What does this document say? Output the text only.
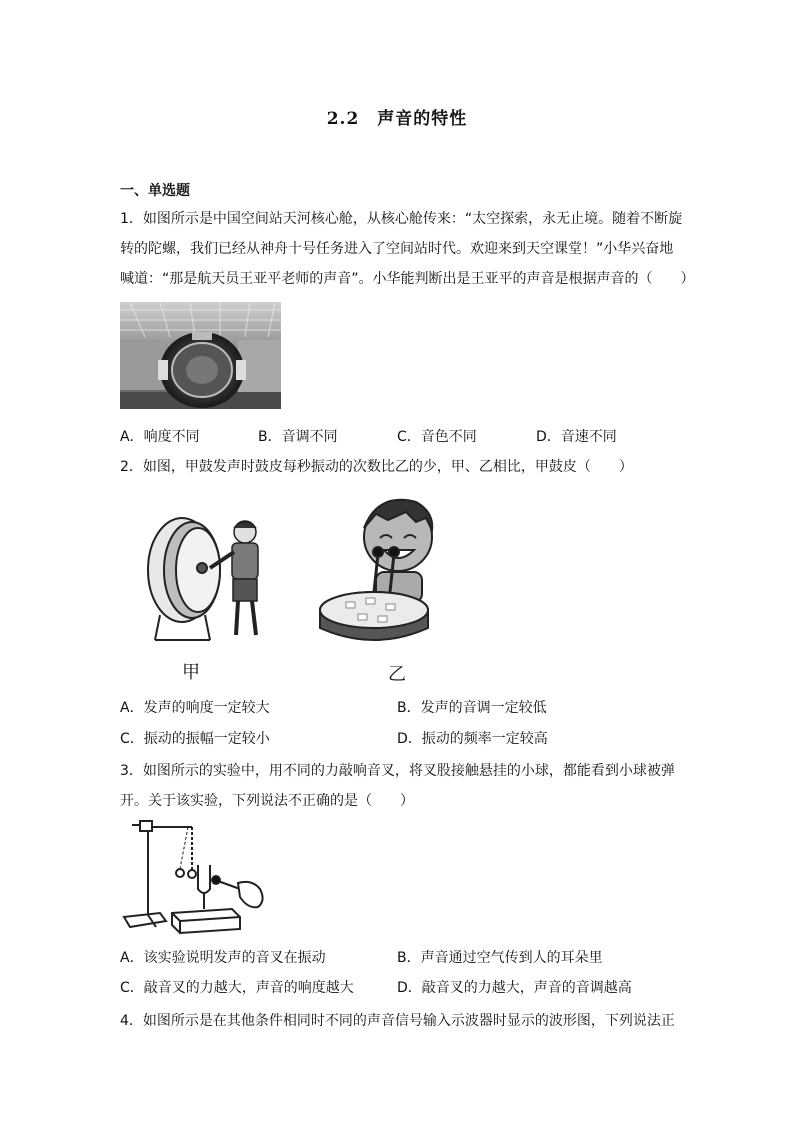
2.2　声音的特性
一、单选题
1．如图所示是中国空间站天河核心舱，从核心舱传来：“太空探索，永无止境。随着不断旋
转的陀螺，我们已经从神舟十号任务进入了空间站时代。欢迎来到天空课堂！”小华兴奋地
喊道：“那是航天员王亚平老师的声音”。小华能判断出是王亚平的声音是根据声音的（　　）
A．响度不同	B．音调不同	C．音色不同	D．音速不同
2．如图，甲鼓发声时鼓皮每秒振动的次数比乙的少，甲、乙相比，甲鼓皮（　　）
甲	乙
A．发声的响度一定较大	B．发声的音调一定较低
C．振动的振幅一定较小	D．振动的频率一定较高
3．如图所示的实验中，用不同的力敲响音叉，将叉股接触悬挂的小球，都能看到小球被弹
开。关于该实验，下列说法不正确的是（　　）
A．该实验说明发声的音叉在振动	B．声音通过空气传到人的耳朵里
C．敲音叉的力越大，声音的响度越大	D．敲音叉的力越大，声音的音调越高
4．如图所示是在其他条件相同时不同的声音信号输入示波器时显示的波形图，下列说法正
